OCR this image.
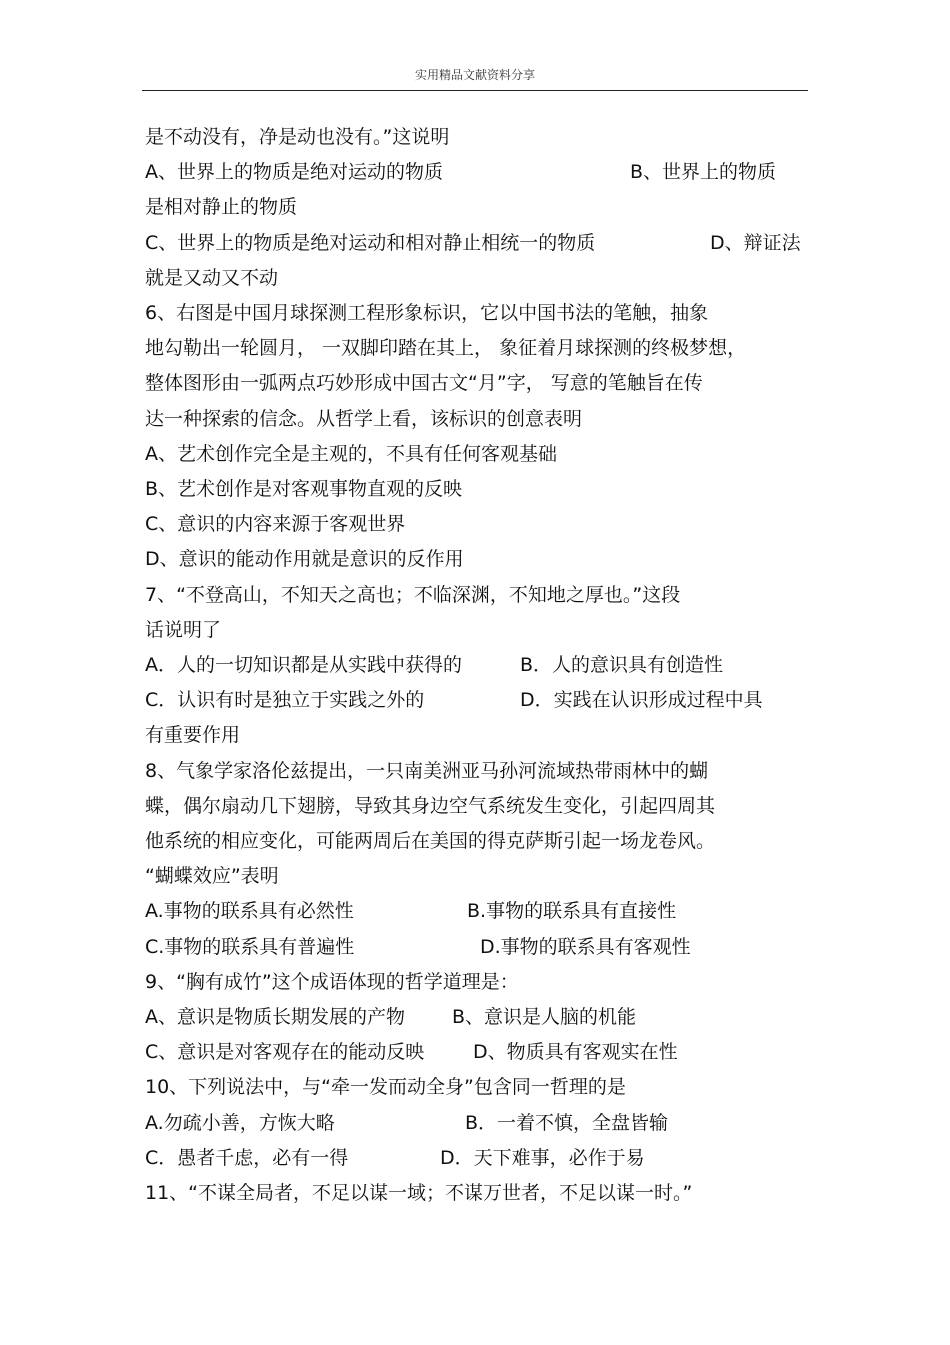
实用精品文献资料分享
是不动没有，净是动也没有。”这说明
A、世界上的物质是绝对运动的物质	B、世界上的物质
是相对静止的物质
C、世界上的物质是绝对运动和相对静止相统一的物质	D、辩证法
就是又动又不动
6、右图是中国月球探测工程形象标识，它以中国书法的笔触，抽象
地勾勒出一轮圆月， 一双脚印踏在其上， 象征着月球探测的终极梦想，
整体图形由一弧两点巧妙形成中国古文“月”字， 写意的笔触旨在传
达一种探索的信念。从哲学上看，该标识的创意表明
A、艺术创作完全是主观的，不具有任何客观基础
B、艺术创作是对客观事物直观的反映
C、意识的内容来源于客观世界
D、意识的能动作用就是意识的反作用
7、“不登高山，不知天之高也；不临深渊，不知地之厚也。”这段
话说明了
A．人的一切知识都是从实践中获得的	B．人的意识具有创造性
C．认识有时是独立于实践之外的	D．实践在认识形成过程中具
有重要作用
8、气象学家洛伦兹提出，一只南美洲亚马孙河流域热带雨林中的蝴
蝶，偶尔扇动几下翅膀，导致其身边空气系统发生变化，引起四周其
他系统的相应变化，可能两周后在美国的得克萨斯引起一场龙卷风。
“蝴蝶效应”表明
A.事物的联系具有必然性	B.事物的联系具有直接性
C.事物的联系具有普遍性	D.事物的联系具有客观性
9、“胸有成竹”这个成语体现的哲学道理是：
A、意识是物质长期发展的产物 B、意识是人脑的机能
C、意识是对客观存在的能动反映	D、物质具有客观实在性
10、下列说法中，与“牵一发而动全身”包含同一哲理的是
A.勿疏小善，方恢大略	B．一着不慎，全盘皆输
C．愚者千虑，必有一得	D．天下难事，必作于易
11、“不谋全局者，不足以谋一域；不谋万世者，不足以谋一时。”
